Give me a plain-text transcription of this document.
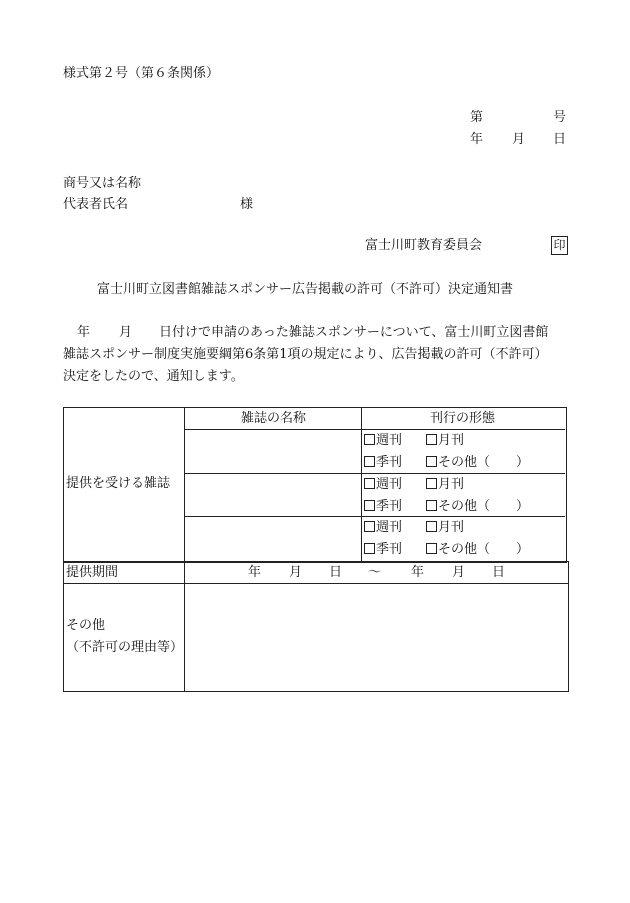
様式第２号（第６条関係）
第	号
年 月 日
商号又は名称
代表者氏名	様
富士川町教育委員会	印
富士川町立図書館雑誌スポンサー広告掲載の許可（不許可）決定通知書
年 月 日付けで申請のあった雑誌スポンサーについて、富士川町立図書館
雑誌スポンサー制度実施要綱第6条第1項の規定により、広告掲載の許可（不許可）
決定をしたので、通知します。
雑誌の名称	刊行の形態
提供を受ける雑誌
週刊	月刊
季刊	その他（　　）
週刊	月刊
季刊	その他（　　）
週刊	月刊
季刊	その他（　　）
提供期間	年 月 日 ～ 年 月 日
その他
（不許可の理由等）
